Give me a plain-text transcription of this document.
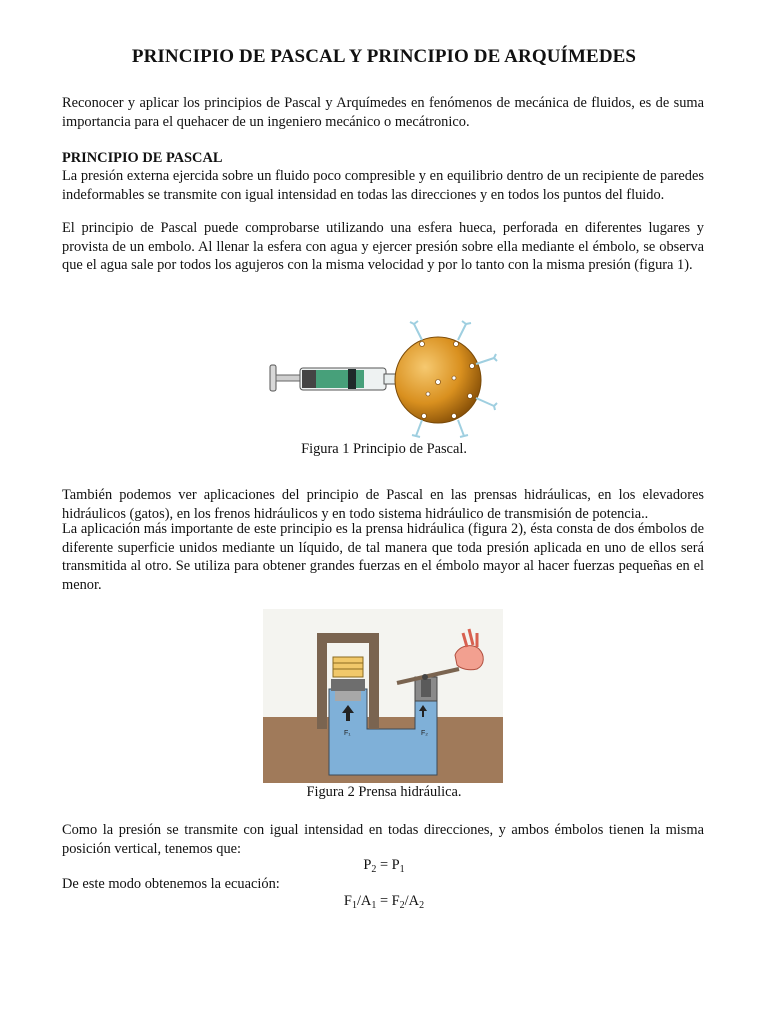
PRINCIPIO DE PASCAL Y PRINCIPIO DE ARQUÍMEDES

Reconocer y aplicar los principios de Pascal y Arquímedes en fenómenos de mecánica de fluidos, es de suma importancia para el quehacer de un ingeniero mecánico o mecátronico.

PRINCIPIO DE PASCAL

La presión externa ejercida sobre un fluido poco compresible y en equilibrio dentro de un recipiente de paredes indeformables se transmite con igual intensidad en todas las direcciones y en todos los puntos del fluido.

El principio de Pascal puede comprobarse utilizando una esfera hueca, perforada en diferentes lugares y provista de un embolo. Al llenar la esfera con agua y ejercer presión sobre ella mediante el émbolo, se observa que el agua sale por todos los agujeros con la misma velocidad y por lo tanto con la misma presión (figura 1).

Figura 1 Principio de Pascal.

También podemos ver aplicaciones del principio de Pascal en las prensas hidráulicas, en los elevadores hidráulicos (gatos), en los frenos hidráulicos y en todo sistema hidráulico de transmisión de potencia..

La aplicación más importante de este principio es la prensa hidráulica (figura 2), ésta consta de dos émbolos de diferente superficie unidos mediante un líquido, de tal manera que toda presión aplicada en uno de ellos será transmitida al otro. Se utiliza para obtener grandes fuerzas en el émbolo mayor al hacer fuerzas pequeñas en el menor.

F₁	F₂
Figura 2 Prensa hidráulica.

Como la presión se transmite con igual intensidad en todas direcciones, y ambos émbolos tienen la misma posición vertical, tenemos que:

$P_2 = P_1$

De este modo obtenemos la ecuación:

$F_1/A_1 = F_2/A_2$
